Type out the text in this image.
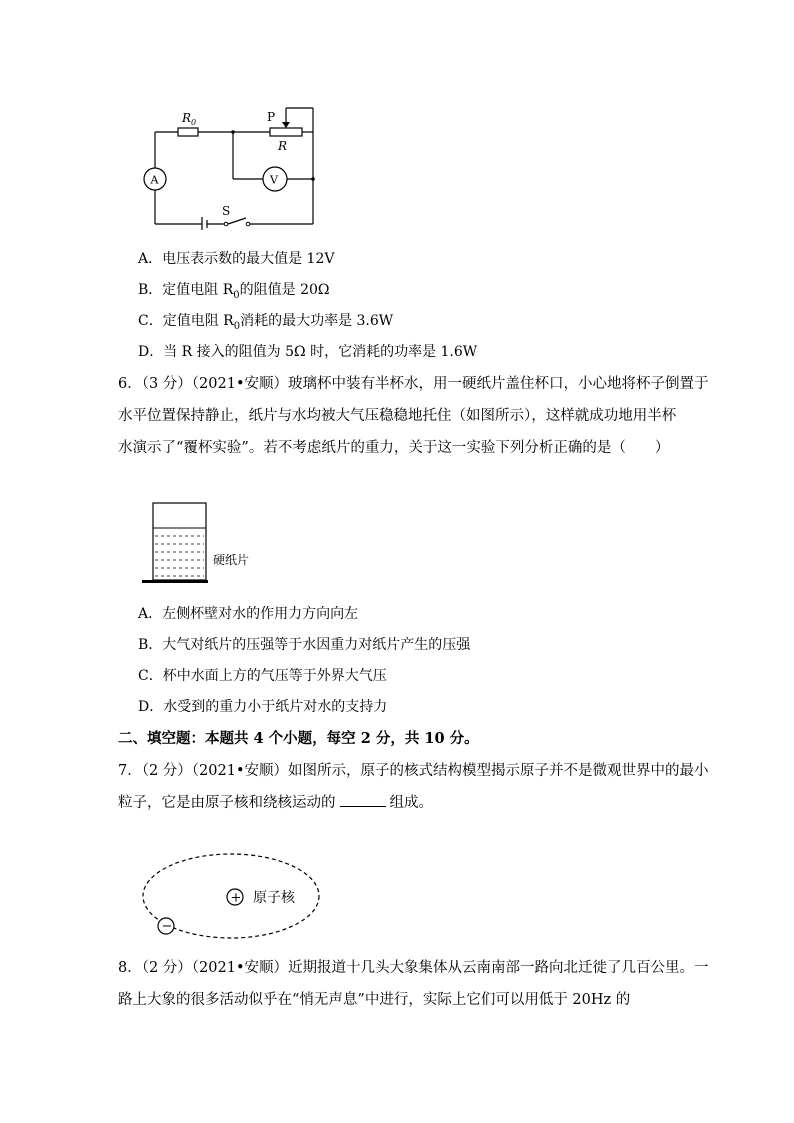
$R_0$	P
R
A	V
S
A．电压表示数的最大值是 12V
B．定值电阻 $R_0$的阻值是 20Ω
C．定值电阻 $R_0$消耗的最大功率是 3.6W
D．当 R 接入的阻值为 5Ω 时，它消耗的功率是 1.6W
6．（3 分）（2021•安顺）玻璃杯中装有半杯水，用一硬纸片盖住杯口，小心地将杯子倒置于
水平位置保持静止，纸片与水均被大气压稳稳地托住（如图所示），这样就成功地用半杯
水演示了“覆杯实验”。若不考虑纸片的重力，关于这一实验下列分析正确的是（　　）
硬纸片
A．左侧杯壁对水的作用力方向向左
B．大气对纸片的压强等于水因重力对纸片产生的压强
C．杯中水面上方的气压等于外界大气压
D．水受到的重力小于纸片对水的支持力
二、填空题：本题共 4 个小题，每空 2 分，共 10 分。
7．（2 分）（2021•安顺）如图所示，原子的核式结构模型揭示原子并不是微观世界中的最小
粒子，它是由原子核和绕核运动的	组成。
+ 原子核
−
8．（2 分）（2021•安顺）近期报道十几头大象集体从云南南部一路向北迁徙了几百公里。一
路上大象的很多活动似乎在“悄无声息”中进行，实际上它们可以用低于 20Hz 的
